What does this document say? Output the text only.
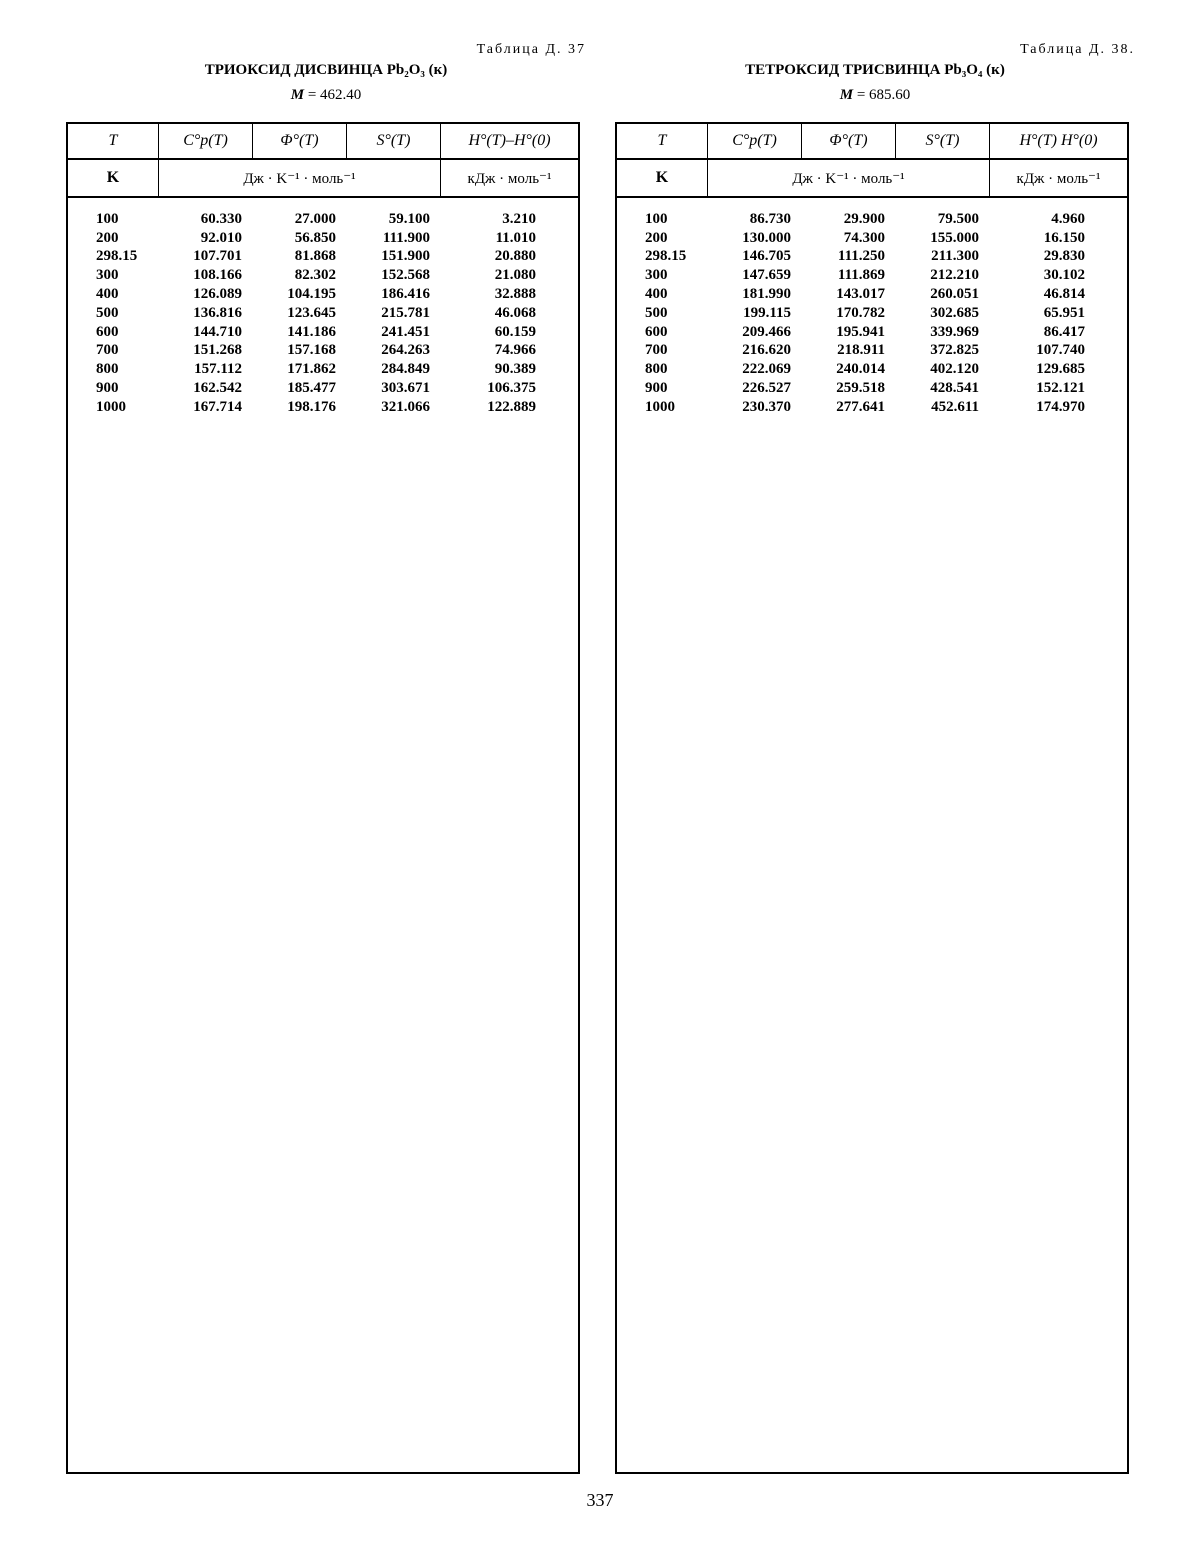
Таблица Д. 37
ТРИОКСИД ДИСВИНЦА Pb₂O₃ (к)
M = 462.40
T	C°p(T)	Φ°(T)	S°(T)	H°(T)–H°(0)
K	Дж · K⁻¹ · моль⁻¹	кДж · моль⁻¹
100	60.330	27.000	59.100	3.210
200	92.010	56.850	111.900	11.010
298.15	107.701	81.868	151.900	20.880
300	108.166	82.302	152.568	21.080
400	126.089	104.195	186.416	32.888
500	136.816	123.645	215.781	46.068
600	144.710	141.186	241.451	60.159
700	151.268	157.168	264.263	74.966
800	157.112	171.862	284.849	90.389
900	162.542	185.477	303.671	106.375
1000	167.714	198.176	321.066	122.889
Таблица Д. 38.
ТЕТРОКСИД ТРИСВИНЦА Pb₃O₄ (к)
M = 685.60
T	C°p(T)	Φ°(T)	S°(T)	H°(T) H°(0)
K	Дж · K⁻¹ · моль⁻¹	кДж · моль⁻¹
100	86.730	29.900	79.500	4.960
200	130.000	74.300	155.000	16.150
298.15	146.705	111.250	211.300	29.830
300	147.659	111.869	212.210	30.102
400	181.990	143.017	260.051	46.814
500	199.115	170.782	302.685	65.951
600	209.466	195.941	339.969	86.417
700	216.620	218.911	372.825	107.740
800	222.069	240.014	402.120	129.685
900	226.527	259.518	428.541	152.121
1000	230.370	277.641	452.611	174.970
337
